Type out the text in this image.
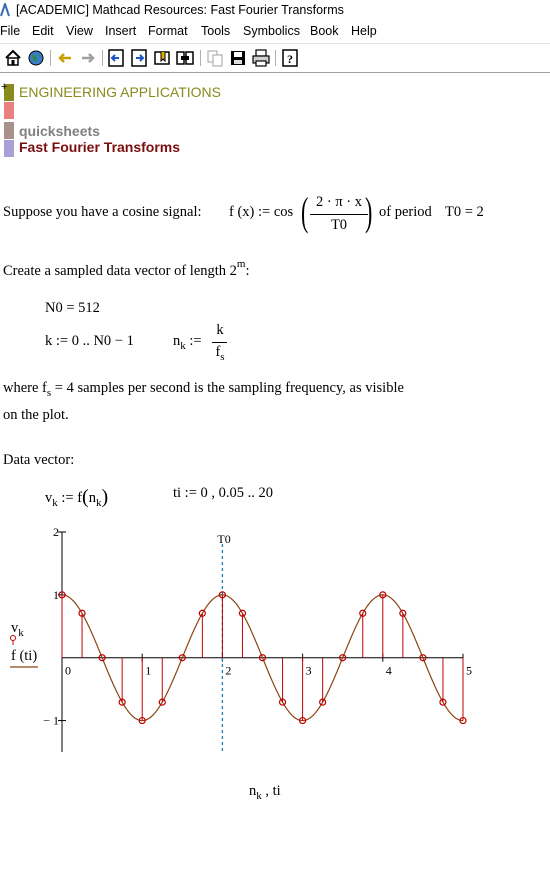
[ACADEMIC] Mathcad Resources: Fast Fourier Transforms
File Edit View Insert Format Tools Symbolics Book Help
?
+ ENGINEERING APPLICATIONS
quicksheets
Fast Fourier Transforms
Suppose you have a cosine signal: f (x) := cos ( 2 · π · x
T0 ) of period T0 = 2
Create a sampled data vector of length 2$^m$:
N0 = 512
k := 0 .. N0 − 1	$n_k$ :=
k
$f_s$
where $f_s = 4$ samples per second is the sampling frequency, as visible
on the plot.
Data vector:
$v_k$ := $f(n_k)$	ti := 0 , 0.05 .. 20
2
1
− 1
0	1	2	3	4	5
T0
$v_k$
f (ti)
$n_k$ , ti
